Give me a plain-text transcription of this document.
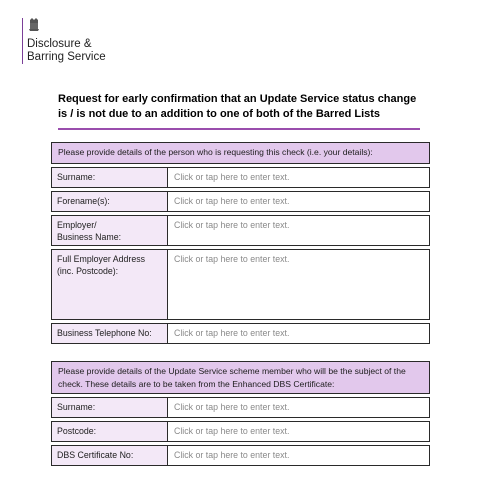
Disclosure &
Barring Service
Request for early confirmation that an Update Service status change is / is not due to an addition to one of both of the Barred Lists
Please provide details of the person who is requesting this check (i.e. your details):
Surname:	Click or tap here to enter text.
Forename(s):	Click or tap here to enter text.
Employer/ Business Name:
Click or tap here to enter text.
Full Employer Address (inc. Postcode):
Click or tap here to enter text.
Business Telephone No:	Click or tap here to enter text.
Please provide details of the Update Service scheme member who will be the subject of the check. These details are to be taken from the Enhanced DBS Certificate:
Surname:	Click or tap here to enter text.
Postcode:	Click or tap here to enter text.
DBS Certificate No:	Click or tap here to enter text.
